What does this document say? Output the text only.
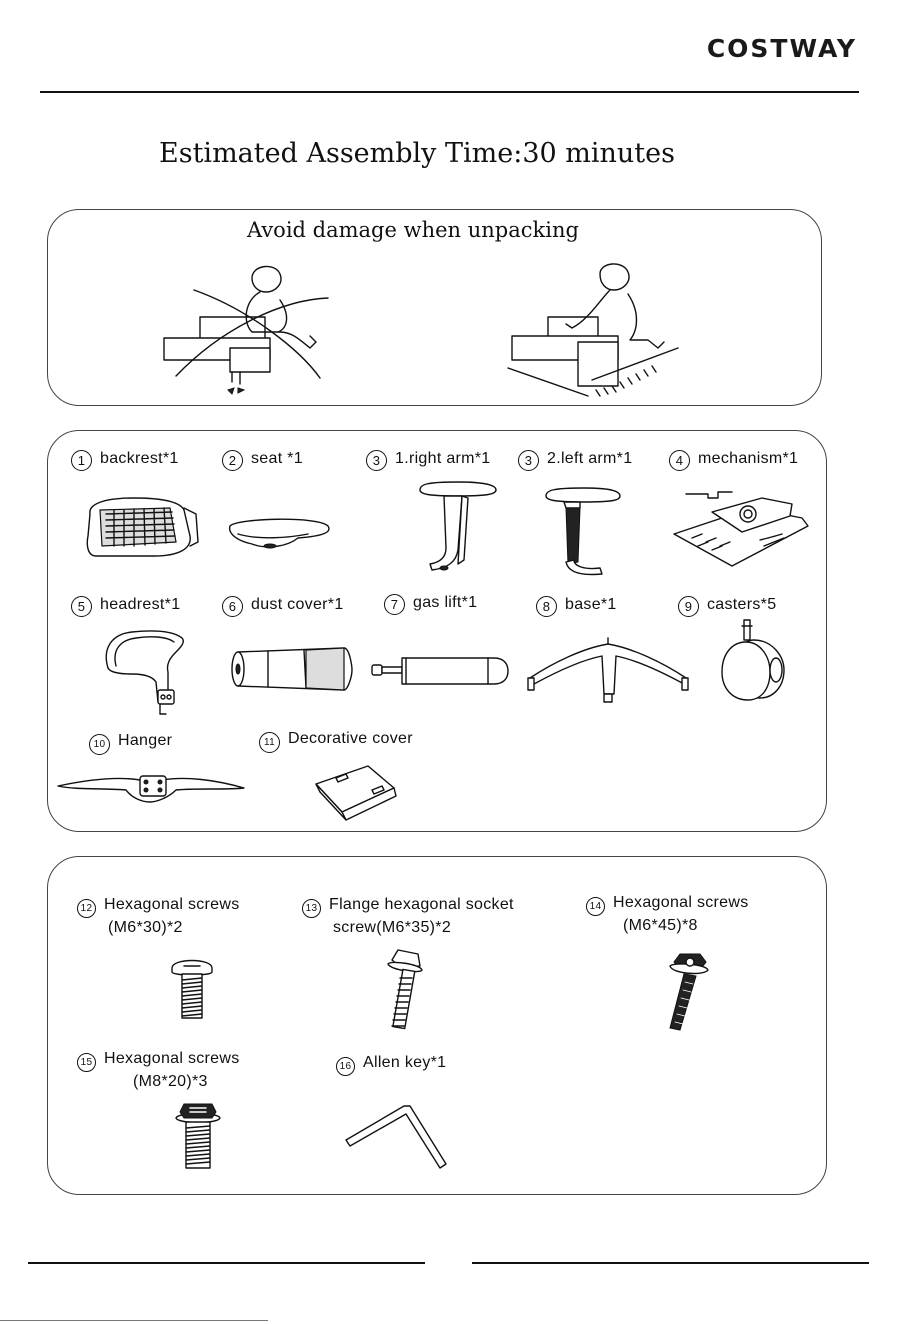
COSTWAY
Estimated Assembly Time:30 minutes
Avoid damage when unpacking
1 backrest*1	2 seat *1	3 1.right arm*1	3 2.left arm*1	4 mechanism*1
5 headrest*1	6 dust cover*1	7 gas lift*1	8 base*1	9 casters*5
10 Hanger	11 Decorative cover
12 Hexagonal screws
(M6*30)*2
13 Flange hexagonal socket
screw(M6*35)*2
14 Hexagonal screws
(M6*45)*8
15 Hexagonal screws
(M8*20)*3
16 Allen key*1
